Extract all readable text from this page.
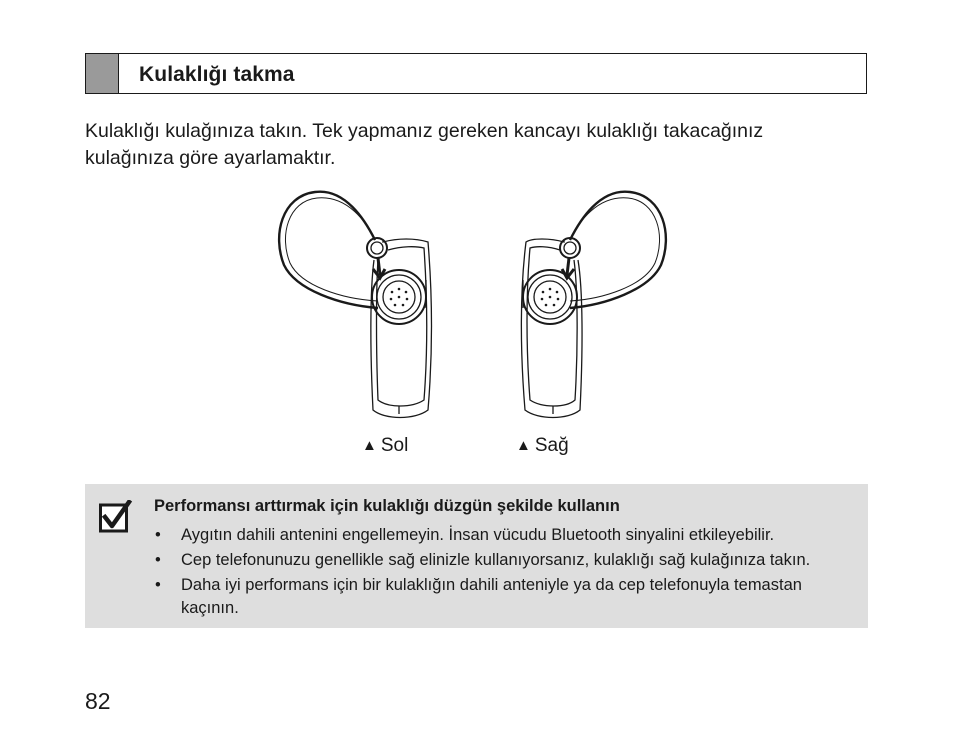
Kulaklığı takma
Kulaklığı kulağınıza takın. Tek yapmanız gereken kancayı kulaklığı takacağınız
kulağınıza göre ayarlamaktır.
▲ Sol	▲ Sağ
Performansı arttırmak için kulaklığı düzgün şekilde kullanın
• Aygıtın dahili antenini engellemeyin. İnsan vücudu Bluetooth sinyalini etkileyebilir.
• Cep telefonunuzu genellikle sağ elinizle kullanıyorsanız, kulaklığı sağ kulağınıza takın.
• Daha iyi performans için bir kulaklığın dahili anteniyle ya da cep telefonuyla temastan kaçının.
82
